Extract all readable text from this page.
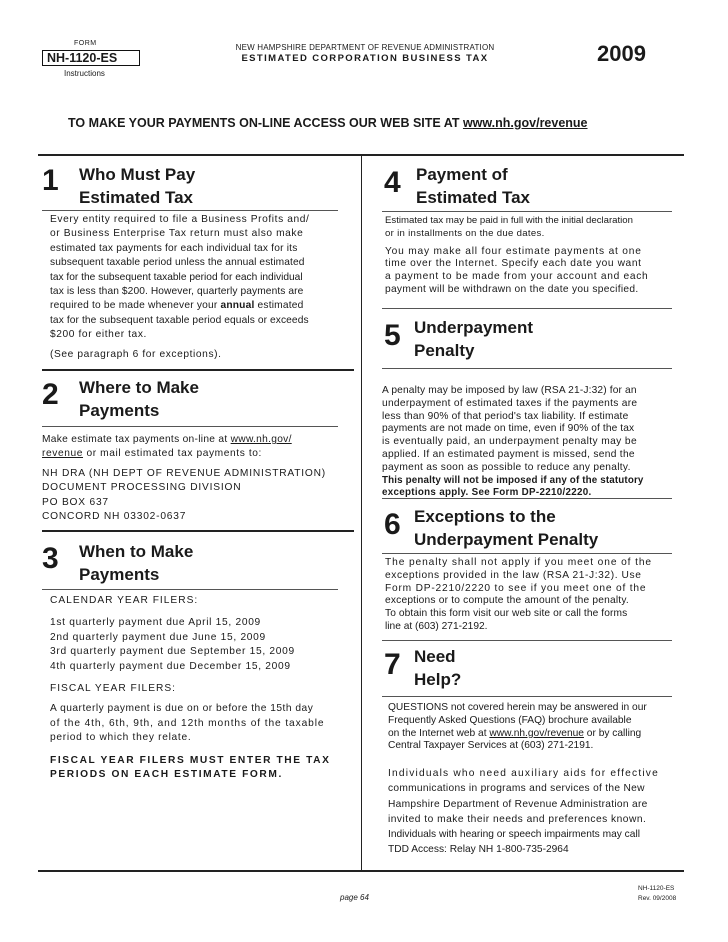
FORM
NH-1120-ES
Instructions
NEW HAMPSHIRE DEPARTMENT OF REVENUE ADMINISTRATION
ESTIMATED CORPORATION BUSINESS TAX	2009
TO MAKE YOUR PAYMENTS ON-LINE ACCESS OUR WEB SITE AT www.nh.gov/revenue
1 Who Must Pay
Estimated Tax
Every entity required to file a Business Profits and/
or Business Enterprise Tax return must also make
estimated tax payments for each individual tax for its
subsequent taxable period unless the annual estimated
tax for the subsequent taxable period for each individual
tax is less than $200. However, quarterly payments are
required to be made whenever your annual estimated
tax for the subsequent taxable period equals or exceeds
$200 for either tax.
(See paragraph 6 for exceptions).
2 Where to Make
Payments
Make estimate tax payments on-line at www.nh.gov/
revenue or mail estimated tax payments to:
NH DRA (NH DEPT OF REVENUE ADMINISTRATION)
DOCUMENT PROCESSING DIVISION
PO BOX 637
CONCORD NH 03302-0637
3 When to Make
Payments
CALENDAR YEAR FILERS:
1st quarterly payment due April 15, 2009
2nd quarterly payment due June 15, 2009
3rd quarterly payment due September 15, 2009
4th quarterly payment due December 15, 2009
FISCAL YEAR FILERS:
A quarterly payment is due on or before the 15th day
of the 4th, 6th, 9th, and 12th months of the taxable
period to which they relate.
FISCAL YEAR FILERS MUST ENTER THE TAX
PERIODS ON EACH ESTIMATE FORM.
4 Payment of
Estimated Tax
Estimated tax may be paid in full with the initial declaration
or in installments on the due dates.
You may make all four estimate payments at one
time over the Internet. Specify each date you want
a payment to be made from your account and each
payment will be withdrawn on the date you specified.
5 Underpayment
Penalty
A penalty may be imposed by law (RSA 21-J:32) for an
underpayment of estimated taxes if the payments are
less than 90% of that period's tax liability. If estimate
payments are not made on time, even if 90% of the tax
is eventually paid, an underpayment penalty may be
applied. If an estimated payment is missed, send the
payment as soon as possible to reduce any penalty.
This penalty will not be imposed if any of the statutory
exceptions apply. See Form DP-2210/2220.
6 Exceptions to the
Underpayment Penalty
The penalty shall not apply if you meet one of the
exceptions provided in the law (RSA 21-J:32). Use
Form DP-2210/2220 to see if you meet one of the
exceptions or to compute the amount of the penalty.
To obtain this form visit our web site or call the forms
line at (603) 271-2192.
7 Need
Help?
QUESTIONS not covered herein may be answered in our
Frequently Asked Questions (FAQ) brochure available
on the Internet web at www.nh.gov/revenue or by calling
Central Taxpayer Services at (603) 271-2191.
Individuals who need auxiliary aids for effective
communications in programs and services of the New
Hampshire Department of Revenue Administration are
invited to make their needs and preferences known.
Individuals with hearing or speech impairments may call
TDD Access: Relay NH 1-800-735-2964
page 64
NH-1120-ES
Rev. 09/2008
